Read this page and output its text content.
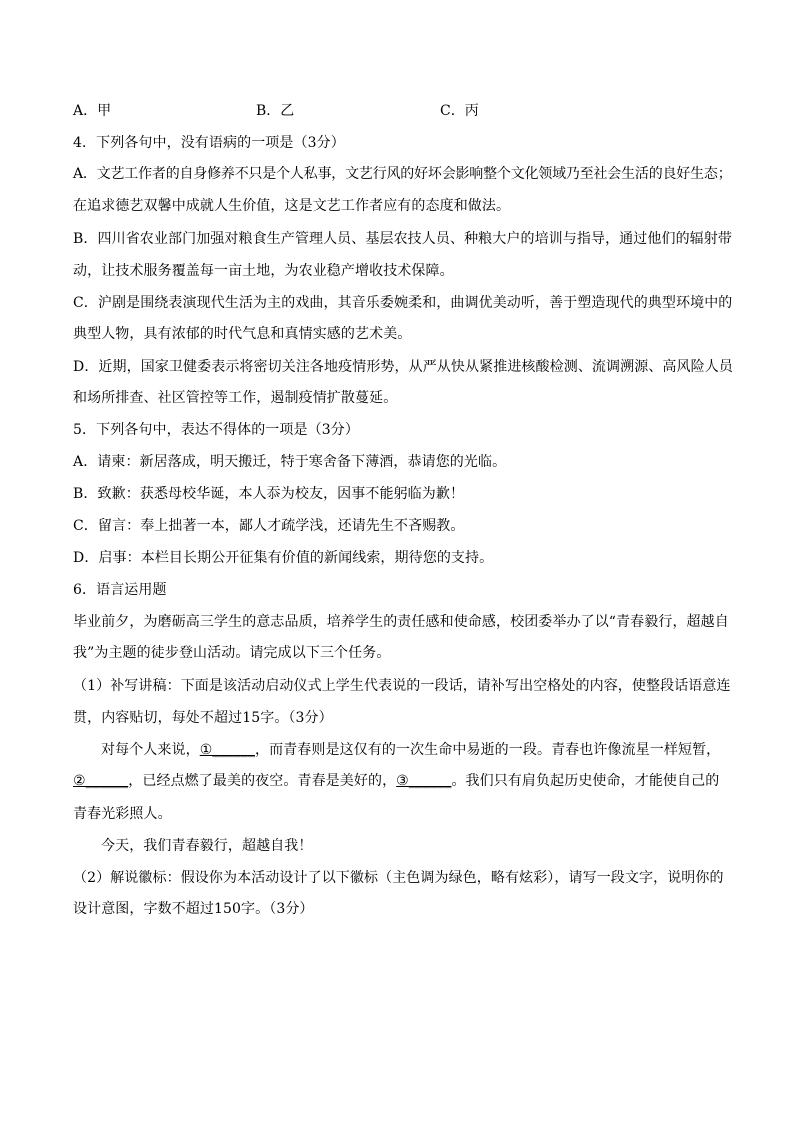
A．甲	B．乙	C．丙
4．下列各句中，没有语病的一项是（3分）
A．文艺工作者的自身修养不只是个人私事，文艺行风的好坏会影响整个文化领域乃至社会生活的良好生态；
在追求德艺双馨中成就人生价值，这是文艺工作者应有的态度和做法。
B．四川省农业部门加强对粮食生产管理人员、基层农技人员、种粮大户的培训与指导，通过他们的辐射带
动，让技术服务覆盖每一亩土地，为农业稳产增收技术保障。
C．沪剧是围绕表演现代生活为主的戏曲，其音乐委婉柔和，曲调优美动听，善于塑造现代的典型环境中的
典型人物，具有浓郁的时代气息和真情实感的艺术美。
D．近期，国家卫健委表示将密切关注各地疫情形势，从严从快从紧推进核酸检测、流调溯源、高风险人员
和场所排查、社区管控等工作，遏制疫情扩散蔓延。
5．下列各句中，表达不得体的一项是（3分）
A．请柬：新居落成，明天搬迁，特于寒舍备下薄酒，恭请您的光临。
B．致歉：获悉母校华诞，本人忝为校友，因事不能躬临为歉！
C．留言：奉上拙著一本，鄙人才疏学浅，还请先生不吝赐教。
D．启事：本栏目长期公开征集有价值的新闻线索，期待您的支持。
6．语言运用题
毕业前夕，为磨砺高三学生的意志品质，培养学生的责任感和使命感，校团委举办了以“青春毅行，超越自
我”为主题的徒步登山活动。请完成以下三个任务。
（1）补写讲稿：下面是该活动启动仪式上学生代表说的一段话，请补写出空格处的内容，使整段话语意连
贯，内容贴切，每处不超过15字。（3分）
对每个人来说，①______，而青春则是这仅有的一次生命中易逝的一段。青春也许像流星一样短暂，
②______，已经点燃了最美的夜空。青春是美好的，③______。我们只有肩负起历史使命，才能使自己的
青春光彩照人。
今天，我们青春毅行，超越自我！
（2）解说徽标：假设你为本活动设计了以下徽标（主色调为绿色，略有炫彩），请写一段文字，说明你的
设计意图，字数不超过150字。（3分）
